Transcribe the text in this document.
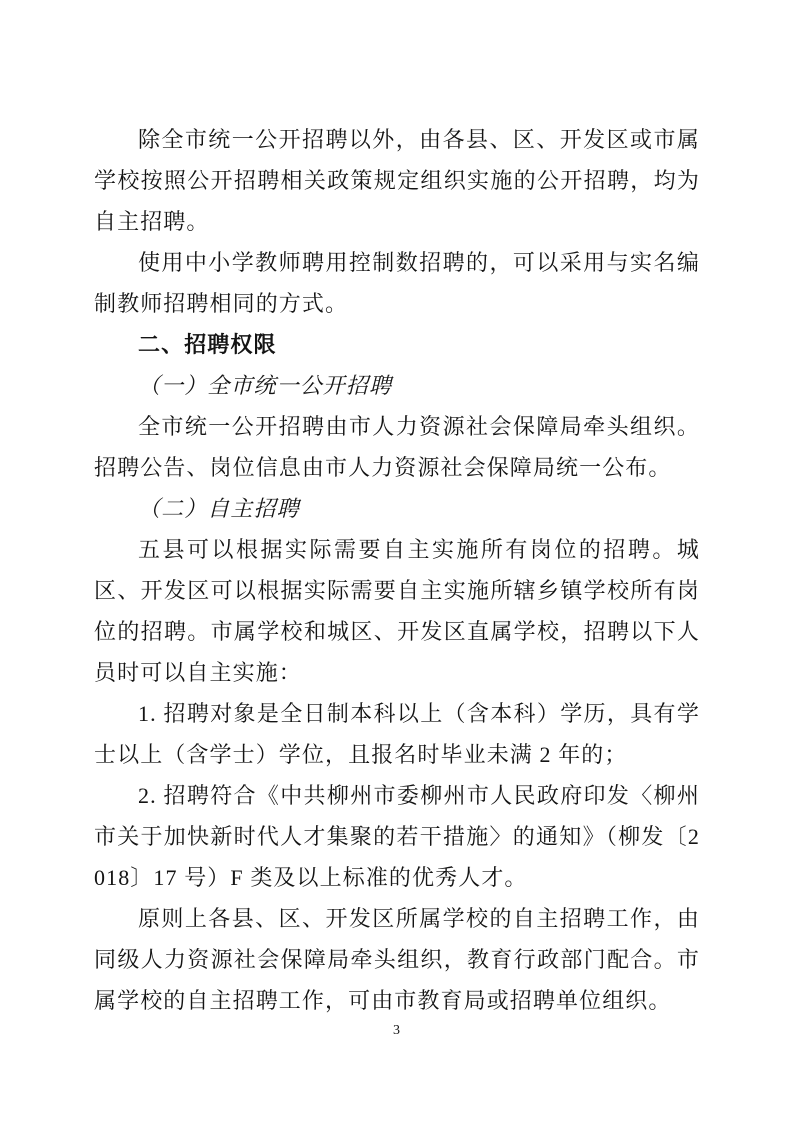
除全市统一公开招聘以外，由各县、区、开发区或市属学校按照公开招聘相关政策规定组织实施的公开招聘，均为自主招聘。

使用中小学教师聘用控制数招聘的，可以采用与实名编制教师招聘相同的方式。

二、招聘权限

（一）全市统一公开招聘

全市统一公开招聘由市人力资源社会保障局牵头组织。招聘公告、岗位信息由市人力资源社会保障局统一公布。

（二）自主招聘

五县可以根据实际需要自主实施所有岗位的招聘。城区、开发区可以根据实际需要自主实施所辖乡镇学校所有岗位的招聘。市属学校和城区、开发区直属学校，招聘以下人员时可以自主实施：

1. 招聘对象是全日制本科以上（含本科）学历，具有学士以上（含学士）学位，且报名时毕业未满 2 年的；

2. 招聘符合《中共柳州市委柳州市人民政府印发〈柳州市关于加快新时代人才集聚的若干措施〉的通知》（柳发〔2018〕17 号）F 类及以上标准的优秀人才。

原则上各县、区、开发区所属学校的自主招聘工作，由同级人力资源社会保障局牵头组织，教育行政部门配合。市属学校的自主招聘工作，可由市教育局或招聘单位组织。

3
